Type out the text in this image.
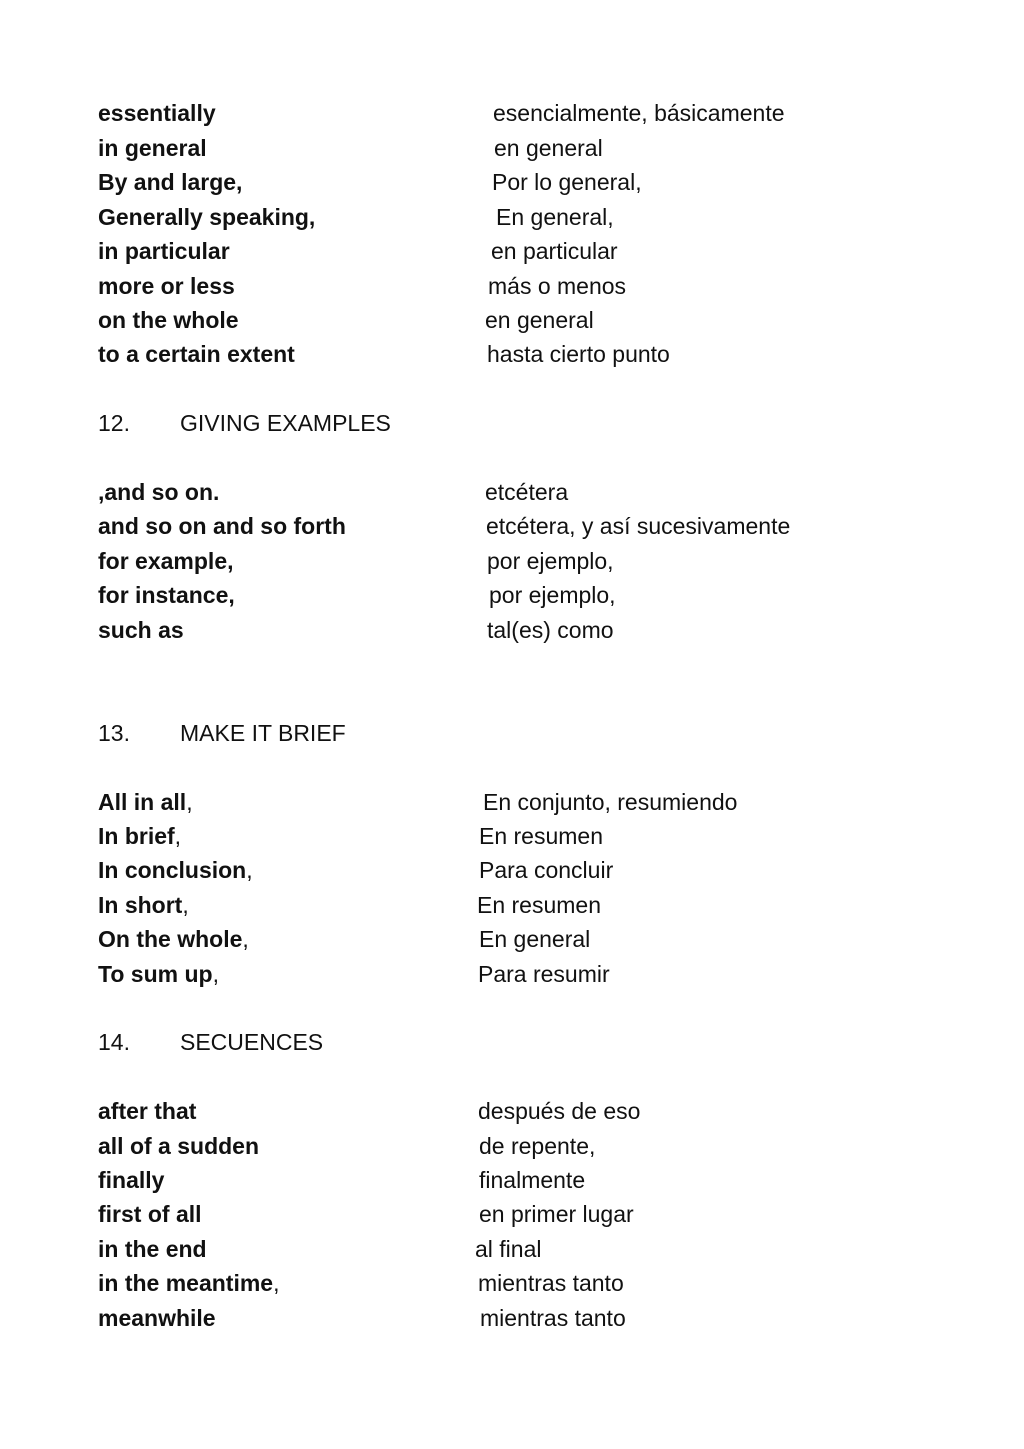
essentially	esencialmente, básicamente
in general	en general
By and large,	Por lo general,
Generally speaking,	En general,
in particular	en particular
more or less	más o menos
on the whole	en general
to a certain extent	hasta cierto punto
12. GIVING EXAMPLES
,and so on.	etcétera
and so on and so forth	etcétera, y así sucesivamente
for example,	por ejemplo,
for instance,	por ejemplo,
such as	tal(es) como
13. MAKE IT BRIEF
All in all,	En conjunto, resumiendo
In brief,	En resumen
In conclusion,	Para concluir
In short,	En resumen
On the whole,	En general
To sum up,	Para resumir
14. SECUENCES
after that	después de eso
all of a sudden	de repente,
finally	finalmente
first of all	en primer lugar
in the end	al final
in the meantime,	mientras tanto
meanwhile	mientras tanto
